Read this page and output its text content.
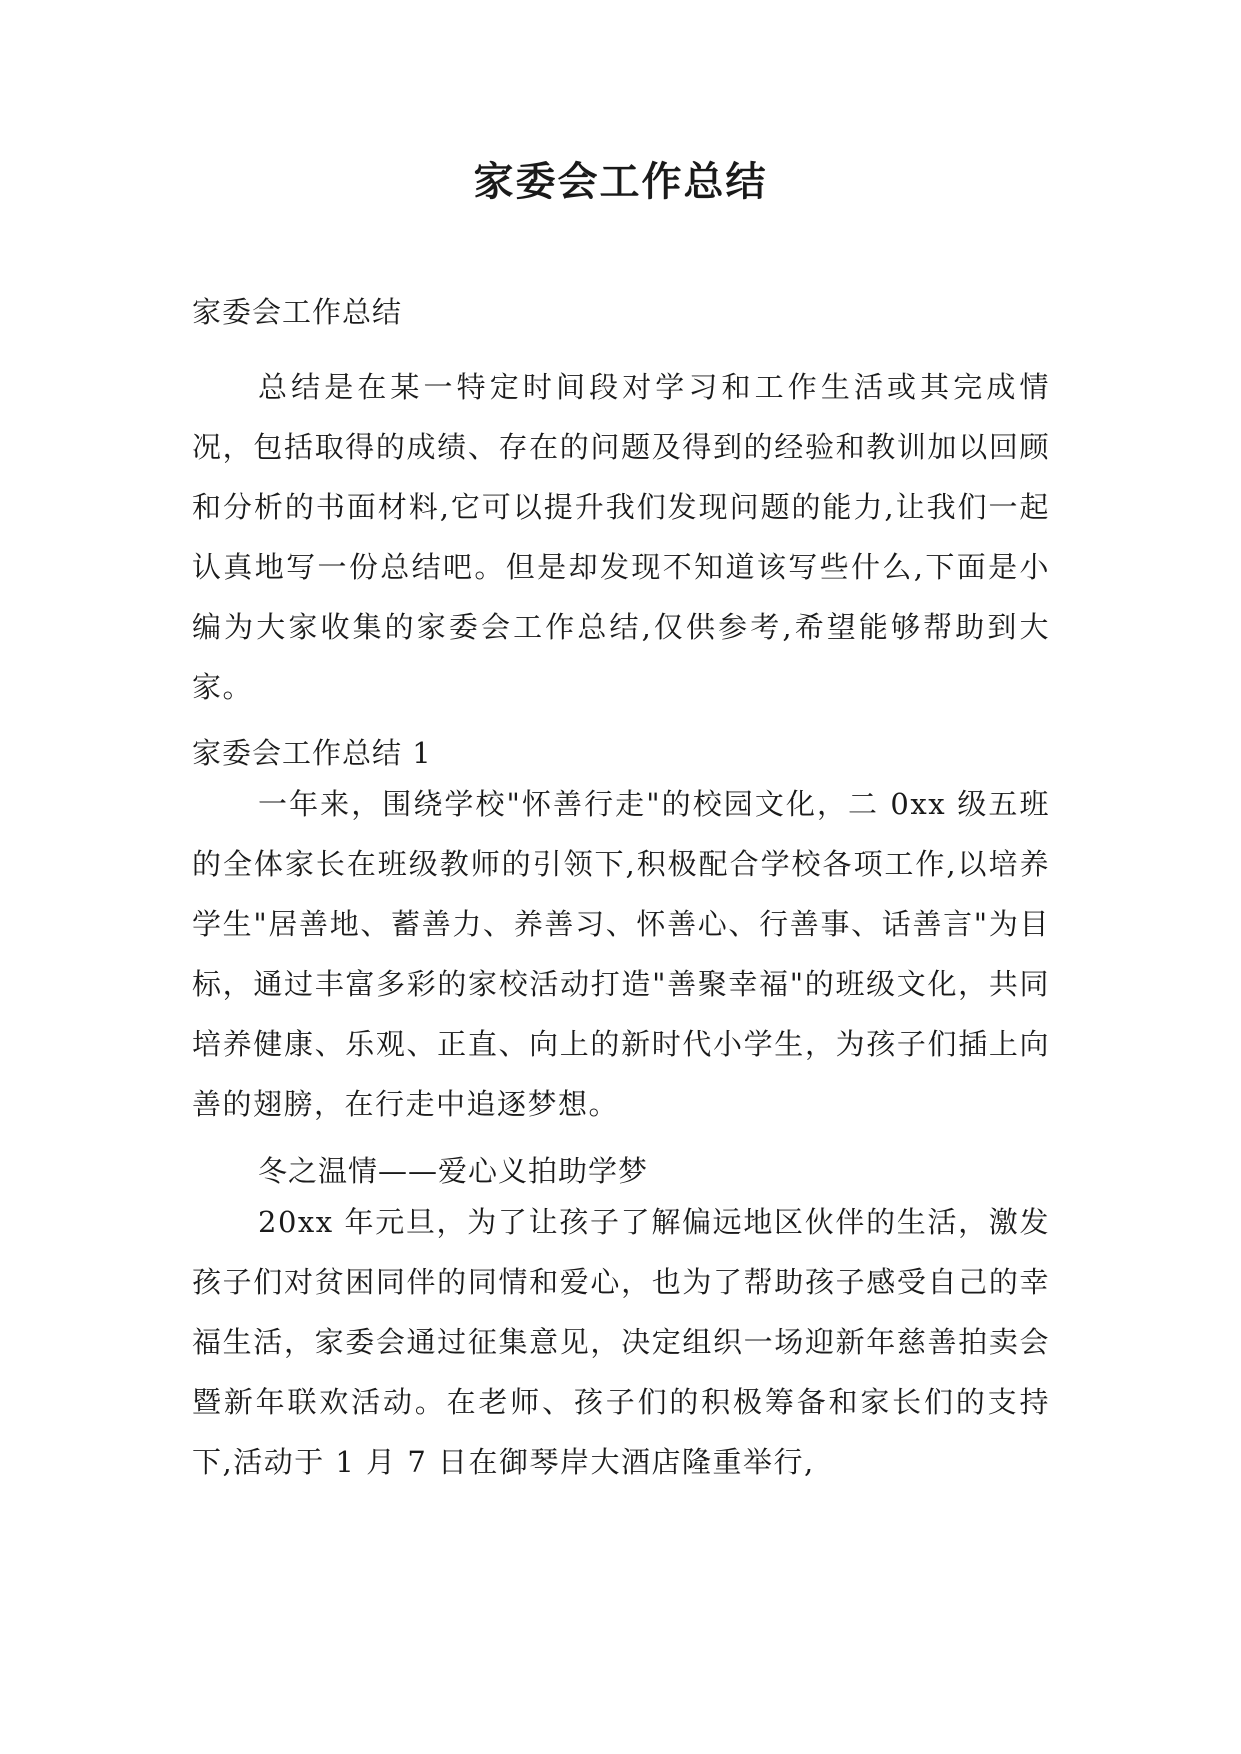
家委会工作总结
家委会工作总结

总结是在某一特定时间段对学习和工作生活或其完成情况，包括取得的成绩、存在的问题及得到的经验和教训加以回顾和分析的书面材料,它可以提升我们发现问题的能力,让我们一起认真地写一份总结吧。但是却发现不知道该写些什么,下面是小编为大家收集的家委会工作总结,仅供参考,希望能够帮助到大家。

家委会工作总结 1

一年来，围绕学校"怀善行走"的校园文化，二 0xx 级五班的全体家长在班级教师的引领下,积极配合学校各项工作,以培养学生"居善地、蓄善力、养善习、怀善心、行善事、话善言"为目标，通过丰富多彩的家校活动打造"善聚幸福"的班级文化，共同培养健康、乐观、正直、向上的新时代小学生，为孩子们插上向善的翅膀，在行走中追逐梦想。

冬之温情——爱心义拍助学梦

20xx 年元旦，为了让孩子了解偏远地区伙伴的生活，激发孩子们对贫困同伴的同情和爱心，也为了帮助孩子感受自己的幸福生活，家委会通过征集意见，决定组织一场迎新年慈善拍卖会暨新年联欢活动。在老师、孩子们的积极筹备和家长们的支持下,活动于 1 月 7 日在御琴岸大酒店隆重举行,
